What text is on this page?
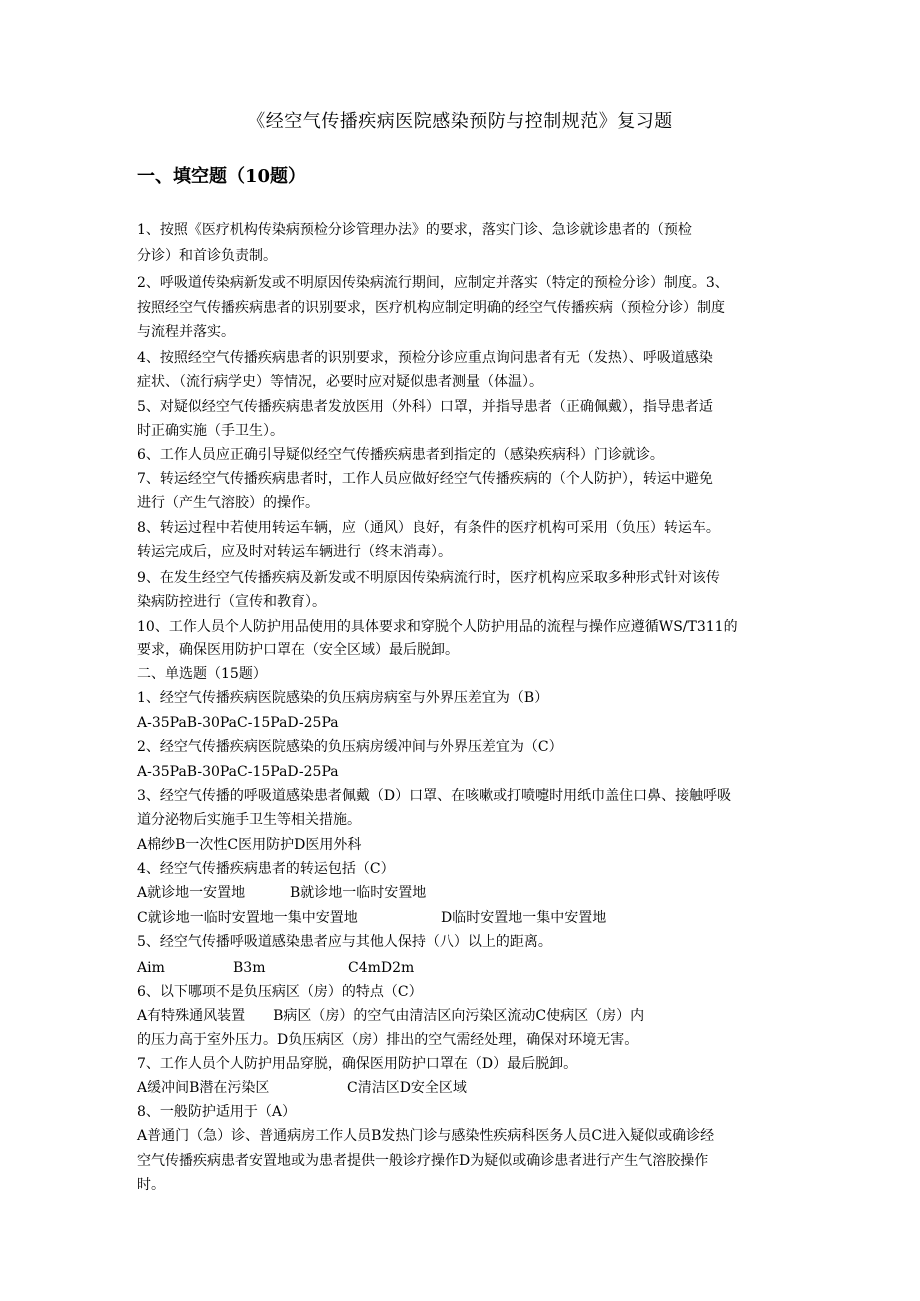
《经空气传播疾病医院感染预防与控制规范》复习题
一、填空题（10题）
1、按照《医疗机构传染病预检分诊管理办法》的要求，落实门诊、急诊就诊患者的（预检
分诊）和首诊负责制。
2、呼吸道传染病新发或不明原因传染病流行期间，应制定并落实（特定的预检分诊）制度。3、
按照经空气传播疾病患者的识别要求，医疗机构应制定明确的经空气传播疾病（预检分诊）制度
与流程并落实。
4、按照经空气传播疾病患者的识别要求，预检分诊应重点询问患者有无（发热）、呼吸道感染
症状、（流行病学史）等情况，必要时应对疑似患者测量（体温）。
5、对疑似经空气传播疾病患者发放医用（外科）口罩，并指导患者（正确佩戴），指导患者适
时正确实施（手卫生）。
6、工作人员应正确引导疑似经空气传播疾病患者到指定的（感染疾病科）门诊就诊。
7、转运经空气传播疾病患者时，工作人员应做好经空气传播疾病的（个人防护），转运中避免
进行（产生气溶胶）的操作。
8、转运过程中若使用转运车辆，应（通风）良好，有条件的医疗机构可采用（负压）转运车。
转运完成后，应及时对转运车辆进行（终末消毒）。
9、在发生经空气传播疾病及新发或不明原因传染病流行时，医疗机构应采取多种形式针对该传
染病防控进行（宣传和教育）。
10、工作人员个人防护用品使用的具体要求和穿脱个人防护用品的流程与操作应遵循WS/T311的
要求，确保医用防护口罩在（安全区域）最后脱卸。
二、单选题（15题）
1、经空气传播疾病医院感染的负压病房病室与外界压差宜为（B）
A-35PaB-30PaC-15PaD-25Pa
2、经空气传播疾病医院感染的负压病房缓冲间与外界压差宜为（C）
A-35PaB-30PaC-15PaD-25Pa
3、经空气传播的呼吸道感染患者佩戴（D）口罩、在咳嗽或打喷嚏时用纸巾盖住口鼻、接触呼吸
道分泌物后实施手卫生等相关措施。
A棉纱B一次性C医用防护D医用外科
4、经空气传播疾病患者的转运包括（C）
A就诊地一安置地	B就诊地一临时安置地
C就诊地一临时安置地一集中安置地	D临时安置地一集中安置地
5、经空气传播呼吸道感染患者应与其他人保持（八）以上的距离。
Aim	B3m	C4mD2m
6、以下哪项不是负压病区（房）的特点（C）
A有特殊通风装置　　B病区（房）的空气由清洁区向污染区流动C使病区（房）内
的压力高于室外压力。D负压病区（房）排出的空气需经处理，确保对环境无害。
7、工作人员个人防护用品穿脱，确保医用防护口罩在（D）最后脱卸。
A缓冲间B潜在污染区	C清洁区D安全区域
8、一般防护适用于（A）
A普通门（急）诊、普通病房工作人员B发热门诊与感染性疾病科医务人员C进入疑似或确诊经
空气传播疾病患者安置地或为患者提供一般诊疗操作D为疑似或确诊患者进行产生气溶胶操作
时。
